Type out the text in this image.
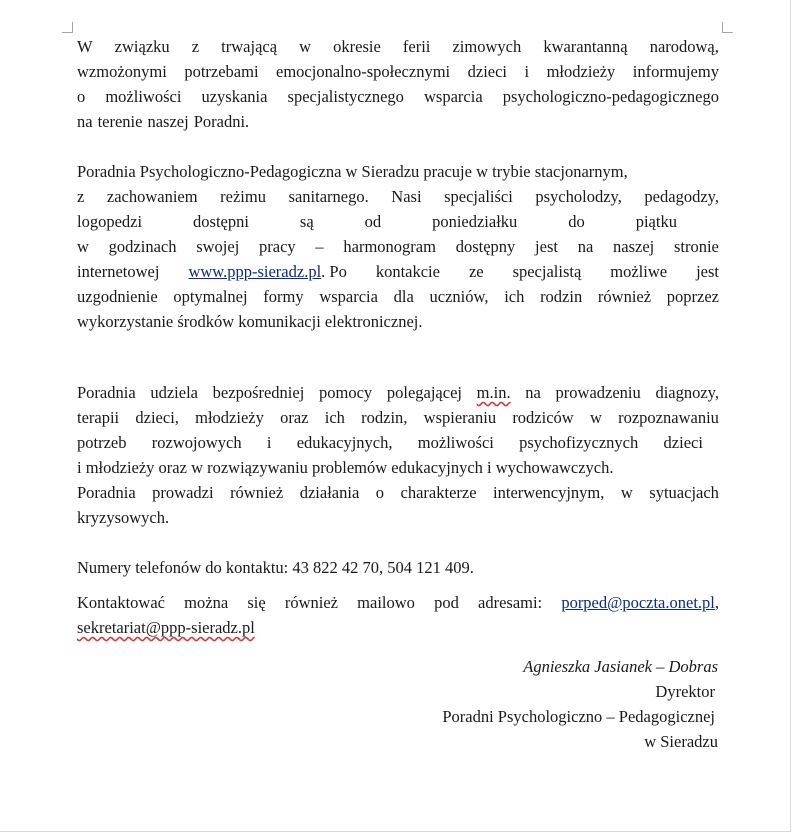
W związku z trwającą w okresie ferii zimowych kwarantanną narodową,
wzmożonymi potrzebami emocjonalno-społecznymi dzieci i młodzieży informujemy
o możliwości uzyskania specjalistycznego wsparcia psychologiczno-pedagogicznego
na terenie naszej Poradni.
Poradnia Psychologiczno-Pedagogiczna w Sieradzu pracuje w trybie stacjonarnym,
z zachowaniem reżimu sanitarnego. Nasi specjaliści psycholodzy, pedagodzy,
logopedzi	dostępni	są	od	poniedziałku	do	piątku
w godzinach swojej pracy – harmonogram dostępny jest na naszej stronie
internetowej www.ppp-sieradz.pl. Po kontakcie ze specjalistą możliwe jest
uzgodnienie optymalnej formy wsparcia dla uczniów, ich rodzin również poprzez
wykorzystanie środków komunikacji elektronicznej.
Poradnia udziela bezpośredniej pomocy polegającej m.in. na prowadzeniu diagnozy,
terapii dzieci, młodzieży oraz ich rodzin, wspieraniu rodziców w rozpoznawaniu
potrzeb rozwojowych i edukacyjnych, możliwości psychofizycznych dzieci
i młodzieży oraz w rozwiązywaniu problemów edukacyjnych i wychowawczych.
Poradnia prowadzi również działania o charakterze interwencyjnym, w sytuacjach
kryzysowych.
Numery telefonów do kontaktu: 43 822 42 70, 504 121 409.
Kontaktować można się również mailowo pod adresami: porped@poczta.onet.pl,
sekretariat@ppp-sieradz.pl
Agnieszka Jasianek – Dobras
Dyrektor
Poradni Psychologiczno – Pedagogicznej
w Sieradzu
